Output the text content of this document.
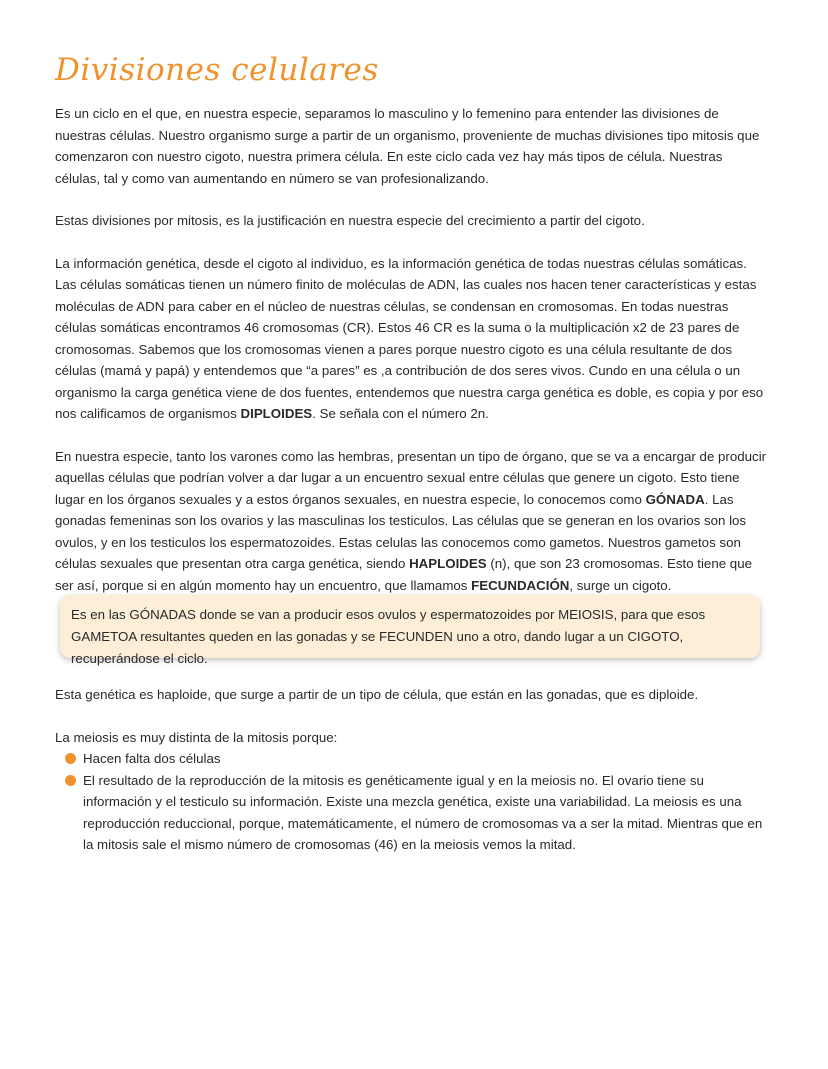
Divisiones celulares

Es un ciclo en el que, en nuestra especie, separamos lo masculino y lo femenino para entender las divisiones de nuestras células. Nuestro organismo surge a partir de un organismo, proveniente de muchas divisiones tipo mitosis que comenzaron con nuestro cigoto, nuestra primera célula. En este ciclo cada vez hay más tipos de célula. Nuestras células, tal y como van aumentando en número se van profesionalizando.

Estas divisiones por mitosis, es la justificación en nuestra especie del crecimiento a partir del cigoto.

La información genética, desde el cigoto al individuo, es la información genética de todas nuestras células somáticas.

Las células somáticas tienen un número finito de moléculas de ADN, las cuales nos hacen tener características y estas moléculas de ADN para caber en el núcleo de nuestras células, se condensan en cromosomas. En todas nuestras células somáticas encontramos 46 cromosomas (CR). Estos 46 CR es la suma o la multiplicación x2 de 23 pares de cromosomas. Sabemos que los cromosomas vienen a pares porque nuestro cigoto es una célula resultante de dos células (mamá y papá) y entendemos que “a pares” es ,a contribución de dos seres vivos. Cundo en una célula o un organismo la carga genética viene de dos fuentes, entendemos que nuestra carga genética es doble, es copia y por eso nos calificamos de organismos DIPLOIDES. Se señala con el número 2n.

En nuestra especie, tanto los varones como las hembras, presentan un tipo de órgano, que se va a encargar de producir aquellas células que podrían volver a dar lugar a un encuentro sexual entre células que genere un cigoto. Esto tiene lugar en los órganos sexuales y a estos órganos sexuales, en nuestra especie, lo conocemos como GÓNADA. Las gonadas femeninas son los ovarios y las masculinas los testiculos. Las células que se generan en los ovarios son los ovulos, y en los testiculos los espermatozoides. Estas celulas las conocemos como gametos. Nuestros gametos son células sexuales que presentan otra carga genética, siendo HAPLOIDES (n), que son 23 cromosomas. Esto tiene que ser así, porque si en algún momento hay un encuentro, que llamamos FECUNDACIÓN, surge un cigoto.

Es en las GÓNADAS donde se van a producir esos ovulos y espermatozoides por MEIOSIS, para que esos GAMETOA resultantes queden en las gonadas y se FECUNDEN uno a otro, dando lugar a un CIGOTO, recuperándose el ciclo.

Esta genética es haploide, que surge a partir de un tipo de célula, que están en las gonadas, que es diploide.

La meiosis es muy distinta de la mitosis porque:

Hacen falta dos células
El resultado de la reproducción de la mitosis es genéticamente igual y en la meiosis no. El ovario tiene su información y el testiculo su información. Existe una mezcla genética, existe una variabilidad. La meiosis es una reproducción reduccional, porque, matemáticamente, el número de cromosomas va a ser la mitad. Mientras que en la mitosis sale el mismo número de cromosomas (46) en la meiosis vemos la mitad.
